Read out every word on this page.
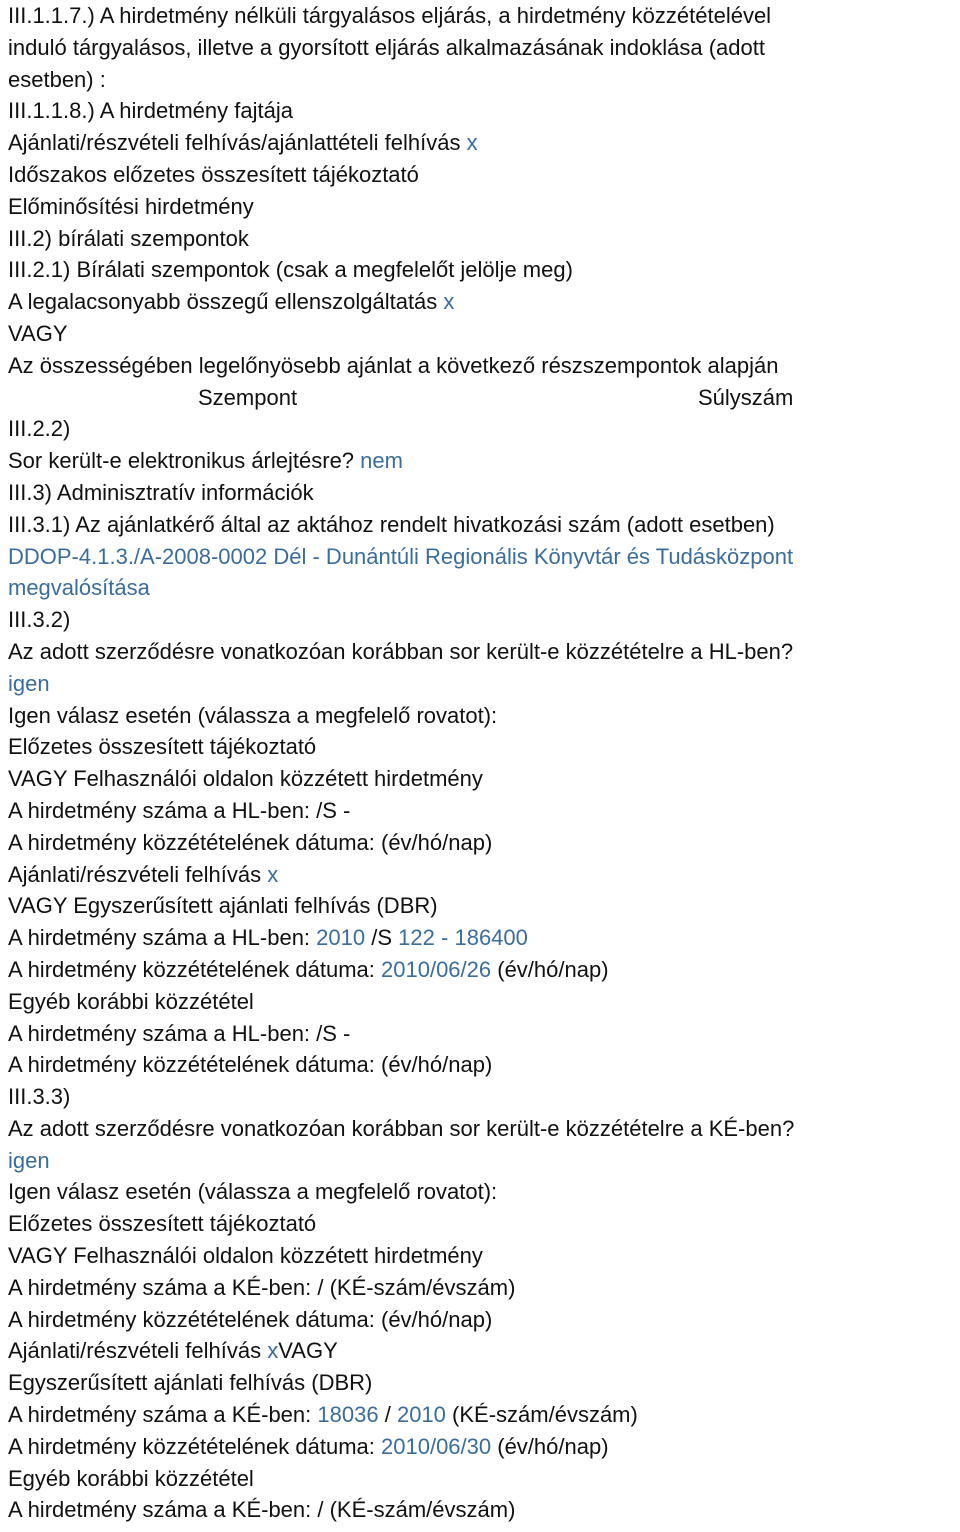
III.1.1.7.) A hirdetmény nélküli tárgyalásos eljárás, a hirdetmény közzétételével
induló tárgyalásos, illetve a gyorsított eljárás alkalmazásának indoklása (adott
esetben) :
III.1.1.8.) A hirdetmény fajtája
Ajánlati/részvételi felhívás/ajánlattételi felhívás x
Időszakos előzetes összesített tájékoztató
Előminősítési hirdetmény
III.2) bírálati szempontok
III.2.1) Bírálati szempontok (csak a megfelelőt jelölje meg)
A legalacsonyabb összegű ellenszolgáltatás x
VAGY
Az összességében legelőnyösebb ajánlat a következő részszempontok alapján
Szempont	Súlyszám
III.2.2)
Sor került-e elektronikus árlejtésre? nem
III.3) Adminisztratív információk
III.3.1) Az ajánlatkérő által az aktához rendelt hivatkozási szám (adott esetben)
DDOP-4.1.3./A-2008-0002 Dél - Dunántúli Regionális Könyvtár és Tudásközpont
megvalósítása
III.3.2)
Az adott szerződésre vonatkozóan korábban sor került-e közzétételre a HL-ben?
igen
Igen válasz esetén (válassza a megfelelő rovatot):
Előzetes összesített tájékoztató
VAGY Felhasználói oldalon közzétett hirdetmény
A hirdetmény száma a HL-ben: /S -
A hirdetmény közzétételének dátuma: (év/hó/nap)
Ajánlati/részvételi felhívás x
VAGY Egyszerűsített ajánlati felhívás (DBR)
A hirdetmény száma a HL-ben: 2010 /S 122 - 186400
A hirdetmény közzétételének dátuma: 2010/06/26 (év/hó/nap)
Egyéb korábbi közzététel
A hirdetmény száma a HL-ben: /S -
A hirdetmény közzétételének dátuma: (év/hó/nap)
III.3.3)
Az adott szerződésre vonatkozóan korábban sor került-e közzétételre a KÉ-ben?
igen
Igen válasz esetén (válassza a megfelelő rovatot):
Előzetes összesített tájékoztató
VAGY Felhasználói oldalon közzétett hirdetmény
A hirdetmény száma a KÉ-ben: / (KÉ-szám/évszám)
A hirdetmény közzétételének dátuma: (év/hó/nap)
Ajánlati/részvételi felhívás xVAGY
Egyszerűsített ajánlati felhívás (DBR)
A hirdetmény száma a KÉ-ben: 18036 / 2010 (KÉ-szám/évszám)
A hirdetmény közzétételének dátuma: 2010/06/30 (év/hó/nap)
Egyéb korábbi közzététel
A hirdetmény száma a KÉ-ben: / (KÉ-szám/évszám)
